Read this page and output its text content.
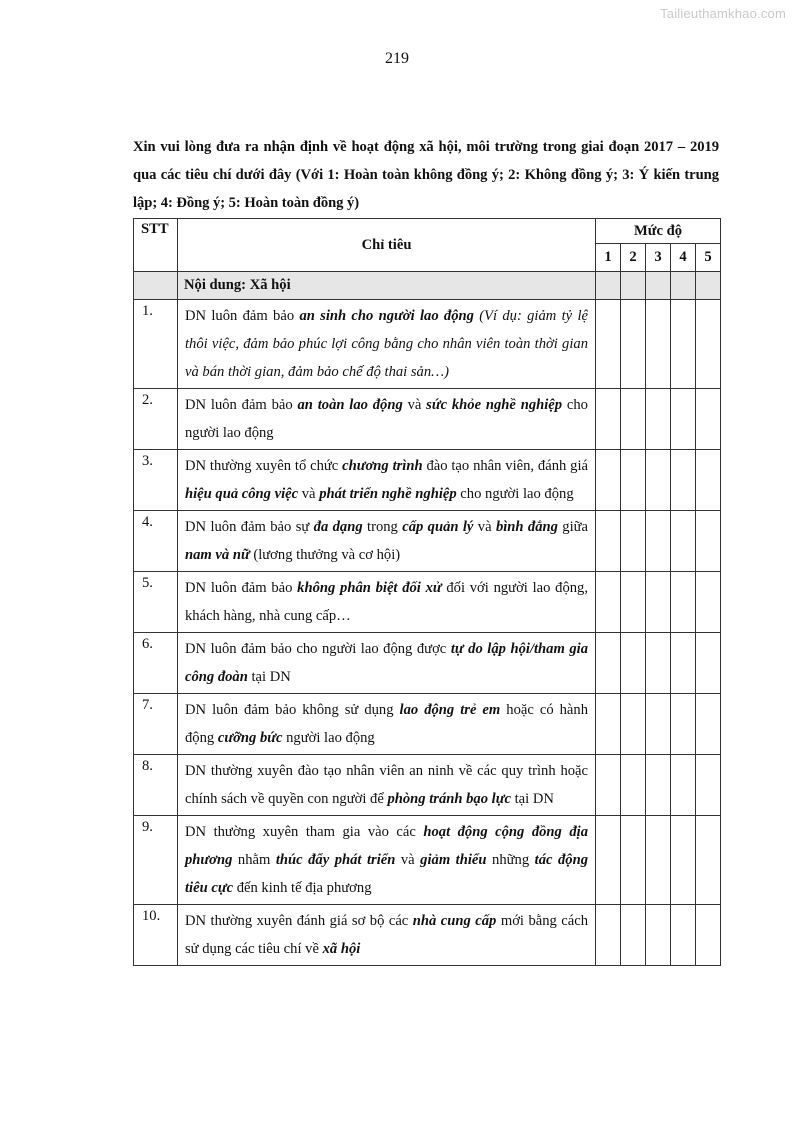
Tailieuthamkhao.com
219
Xin vui lòng đưa ra nhận định về hoạt động xã hội, môi trường trong giai đoạn 2017 – 2019 qua các tiêu chí dưới đây (Với 1: Hoàn toàn không đồng ý; 2: Không đồng ý; 3: Ý kiến trung lập; 4: Đồng ý; 5: Hoàn toàn đồng ý)
STT	Chỉ tiêu	Mức độ				
		1	2	3	4	5
	Nội dung: Xã hội					
1.	DN luôn đảm bảo an sinh cho người lao động (Ví dụ: giảm tỷ lệ thôi việc, đảm bảo phúc lợi công bằng cho nhân viên toàn thời gian và bán thời gian, đảm bảo chế độ thai sản…)					
2.	DN luôn đảm bảo an toàn lao động và sức khỏe nghề nghiệp cho người lao động					
3.	DN thường xuyên tổ chức chương trình đào tạo nhân viên, đánh giá hiệu quả công việc và phát triển nghề nghiệp cho người lao động					
4.	DN luôn đảm bảo sự đa dạng trong cấp quản lý và bình đẳng giữa nam và nữ (lương thưởng và cơ hội)					
5.	DN luôn đảm bảo không phân biệt đối xử đối với người lao động, khách hàng, nhà cung cấp…					
6.	DN luôn đảm bảo cho người lao động được tự do lập hội/tham gia công đoàn tại DN					
7.	DN luôn đảm bảo không sử dụng lao động trẻ em hoặc có hành động cưỡng bức người lao động					
8.	DN thường xuyên đào tạo nhân viên an ninh về các quy trình hoặc chính sách về quyền con người để phòng tránh bạo lực tại DN					
9.	DN thường xuyên tham gia vào các hoạt động cộng đồng địa phương nhằm thúc đẩy phát triển và giảm thiểu những tác động tiêu cực đến kinh tế địa phương					
10.	DN thường xuyên đánh giá sơ bộ các nhà cung cấp mới bằng cách sử dụng các tiêu chí về xã hội					
